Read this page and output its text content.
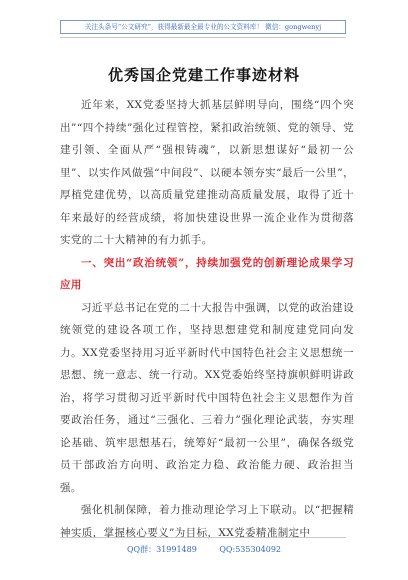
关注头条号“公文研究”，获得最新最全最专业的公文资料库！ 微信：gongwenyj
优秀国企党建工作事迹材料

近年来，XX党委坚持大抓基层鲜明导向，围绕“四个突出”“四个持续”强化过程管控，紧扣政治统领、党的领导、党建引领、全面从严“强根铸魂”，以新思想谋好“最初一公里”、以实作风做强“中间段”、以硬本领夯实“最后一公里”，厚植党建优势，以高质量党建推动高质量发展，取得了近十年来最好的经营成绩，将加快建设世界一流企业作为贯彻落实党的二十大精神的有力抓手。

一、突出“政治统领”，持续加强党的创新理论成果学习应用

习近平总书记在党的二十大报告中强调，以党的政治建设统领党的建设各项工作，坚持思想建党和制度建党同向发力。XX党委坚持用习近平新时代中国特色社会主义思想统一思想、统一意志、统一行动。XX党委始终坚持旗帜鲜明讲政治，将学习贯彻习近平新时代中国特色社会主义思想作为首要政治任务，通过“三强化、三着力”强化理论武装，夯实理论基础、筑牢思想基石，统筹好“最初一公里”，确保各级党员干部政治方向明、政治定力稳、政治能力硬、政治担当强。

强化机制保障，着力推动理论学习上下联动。以“把握精神实质，掌握核心要义”为目标，XX党委精准制定中

QQ群：31991489	QQ:535304092
